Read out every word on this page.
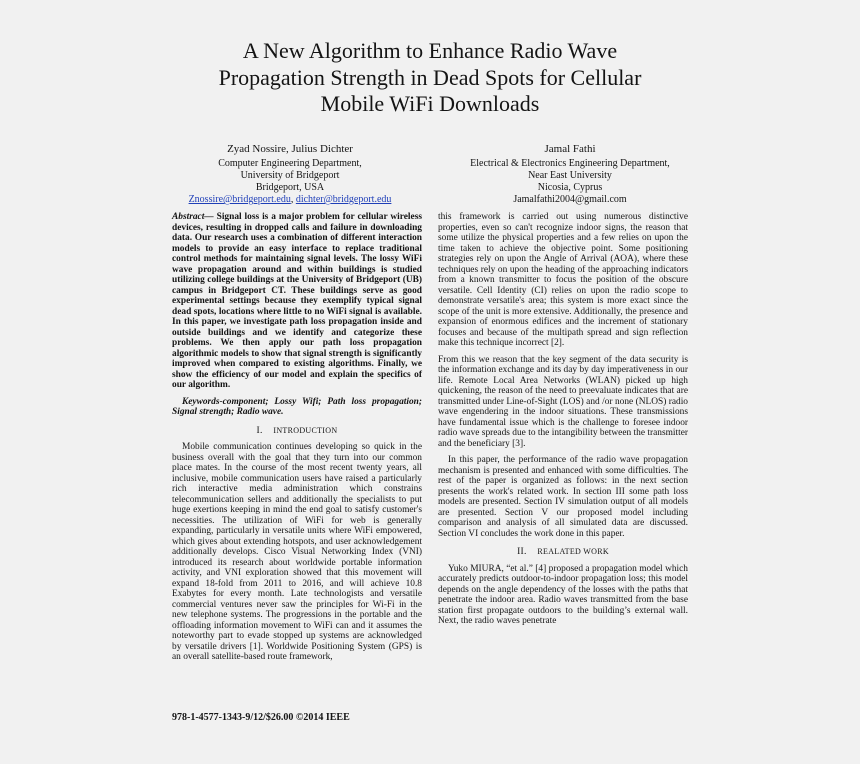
A New Algorithm to Enhance Radio Wave
Propagation Strength in Dead Spots for Cellular
Mobile WiFi Downloads
Zyad Nossire, Julius Dichter
Computer Engineering Department,
University of Bridgeport
Bridgeport, USA
Znossire@bridgeport.edu, dichter@bridgeport.edu
Jamal Fathi
Electrical & Electronics Engineering Department,
Near East University
Nicosia, Cyprus
Jamalfathi2004@gmail.com

Abstract— Signal loss is a major problem for cellular wireless devices, resulting in dropped calls and failure in downloading data. Our research uses a combination of different interaction models to provide an easy interface to replace traditional control methods for maintaining signal levels. The lossy WiFi wave propagation around and within buildings is studied utilizing college buildings at the University of Bridgeport (UB) campus in Bridgeport CT. These buildings serve as good experimental settings because they exemplify typical signal dead spots, locations where little to no WiFi signal is available. In this paper, we investigate path loss propagation inside and outside buildings and we identify and categorize these problems. We then apply our path loss propagation algorithmic models to show that signal strength is significantly improved when compared to existing algorithms. Finally, we show the efficiency of our model and explain the specifics of our algorithm.

Keywords-component; Lossy Wifi; Path loss propagation; Signal strength; Radio wave.

I. INTRODUCTION

Mobile communication continues developing so quick in the business overall with the goal that they turn into our common place mates. In the course of the most recent twenty years, all inclusive, mobile communication users have raised a particularly rich interactive media administration which constrains telecommunication sellers and additionally the specialists to put huge exertions keeping in mind the end goal to satisfy customer's necessities. The utilization of WiFi for web is generally expanding, particularly in versatile units where WiFi empowered, which gives about extending hotspots, and user acknowledgement additionally develops. Cisco Visual Networking Index (VNI) introduced its research about worldwide portable information activity, and VNI exploration showed that this movement will expand 18-fold from 2011 to 2016, and will achieve 10.8 Exabytes for every month. Late technologists and versatile commercial ventures never saw the principles for Wi-Fi in the new telephone systems. The progressions in the portable and the offloading information movement to WiFi can and it assumes the noteworthy part to evade stopped up systems are acknowledged by versatile drivers [1]. Worldwide Positioning System (GPS) is an overall satellite-based route framework,

this framework is carried out using numerous distinctive properties, even so can't recognize indoor signs, the reason that some utilize the physical properties and a few relies on upon the time taken to achieve the objective point. Some positioning strategies rely on upon the Angle of Arrival (AOA), where these techniques rely on upon the heading of the approaching indicators from a known transmitter to focus the position of the obscure versatile. Cell Identity (CI) relies on upon the radio scope to demonstrate versatile's area; this system is more exact since the scope of the unit is more extensive. Additionally, the presence and expansion of enormous edifices and the increment of stationary focuses and because of the multipath spread and sign reflection make this technique incorrect [2].

From this we reason that the key segment of the data security is the information exchange and its day by day imperativeness in our life. Remote Local Area Networks (WLAN) picked up high quickening, the reason of the need to preevaluate indicates that are transmitted under Line-of-Sight (LOS) and /or none (NLOS) radio wave engendering in the indoor situations. These transmissions have fundamental issue which is the challenge to foresee indoor radio wave spreads due to the intangibility between the transmitter and the beneficiary [3].

In this paper, the performance of the radio wave propagation mechanism is presented and enhanced with some difficulties. The rest of the paper is organized as follows: in the next section presents the work's related work. In section III some path loss models are presented. Section IV simulation output of all models are presented. Section V our proposed model including comparison and analysis of all simulated data are discussed. Section VI concludes the work done in this paper.

II. REALATED WORK

Yuko MIURA, “et al.” [4] proposed a propagation model which accurately predicts outdoor-to-indoor propagation loss; this model depends on the angle dependency of the losses with the paths that penetrate the indoor area. Radio waves transmitted from the base station first propagate outdoors to the building’s external wall. Next, the radio waves penetrate

978-1-4577-1343-9/12/$26.00 ©2014 IEEE
